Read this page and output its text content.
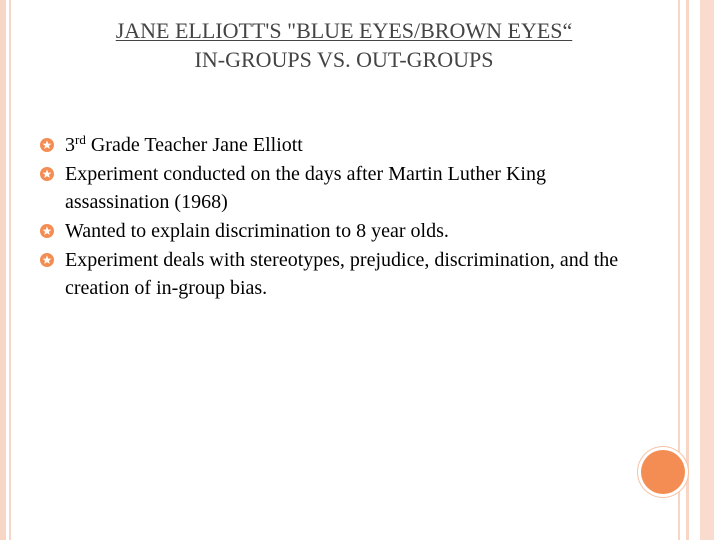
JANE ELLIOTT'S "BLUE EYES/BROWN EYES“
IN-GROUPS VS. OUT-GROUPS
3rd Grade Teacher Jane Elliott
Experiment conducted on the days after Martin Luther King assassination (1968)
Wanted to explain discrimination to 8 year olds.
Experiment deals with stereotypes, prejudice, discrimination, and the creation of in-group bias.
